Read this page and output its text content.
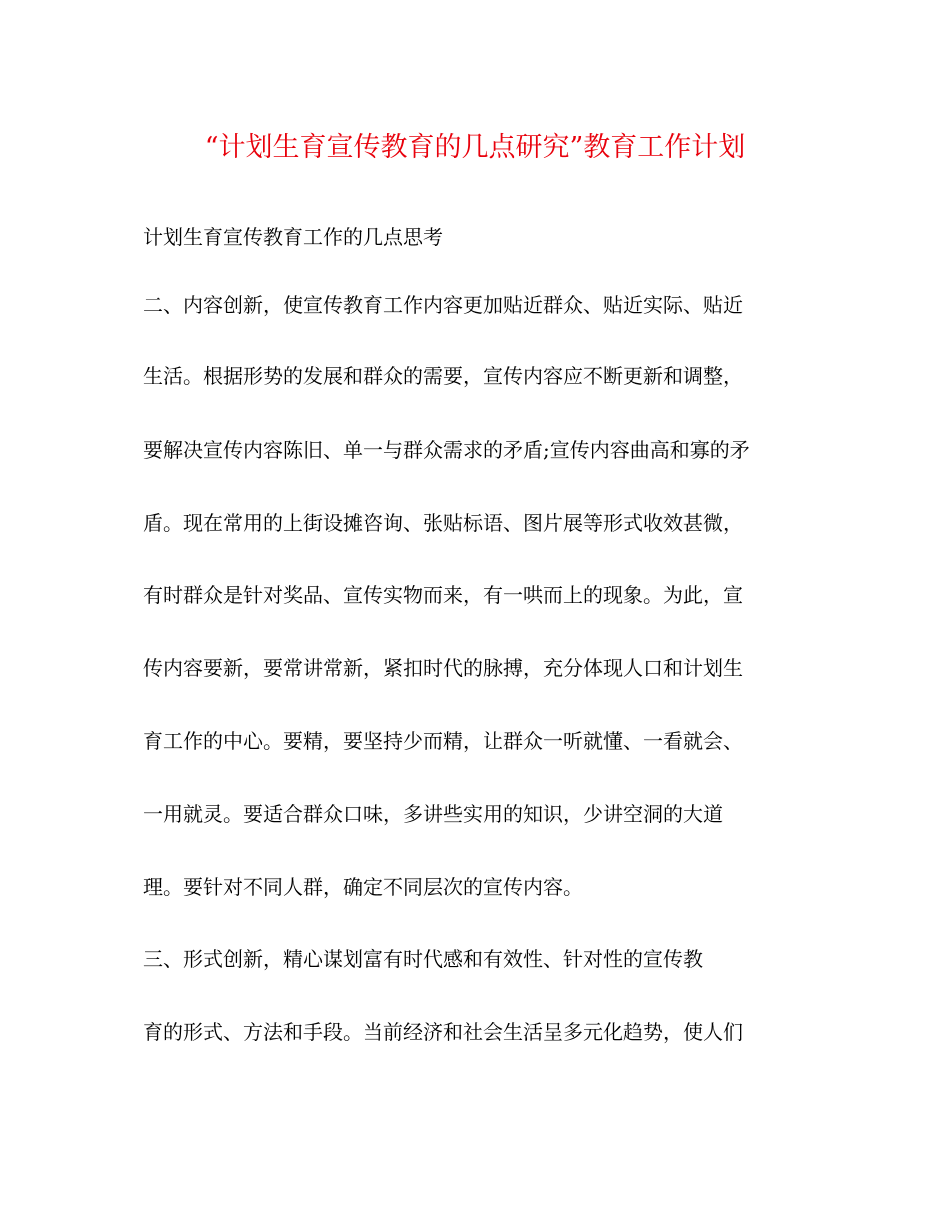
“计划生育宣传教育的几点研究”教育工作计划
计划生育宣传教育工作的几点思考
二、内容创新，使宣传教育工作内容更加贴近群众、贴近实际、贴近
生活。根据形势的发展和群众的需要，宣传内容应不断更新和调整，
要解决宣传内容陈旧、单一与群众需求的矛盾;宣传内容曲高和寡的矛
盾。现在常用的上街设摊咨询、张贴标语、图片展等形式收效甚微，
有时群众是针对奖品、宣传实物而来，有一哄而上的现象。为此，宣
传内容要新，要常讲常新，紧扣时代的脉搏，充分体现人口和计划生
育工作的中心。要精，要坚持少而精，让群众一听就懂、一看就会、
一用就灵。要适合群众口味，多讲些实用的知识，少讲空洞的大道
理。要针对不同人群，确定不同层次的宣传内容。
三、形式创新，精心谋划富有时代感和有效性、针对性的宣传教
育的形式、方法和手段。当前经济和社会生活呈多元化趋势，使人们
